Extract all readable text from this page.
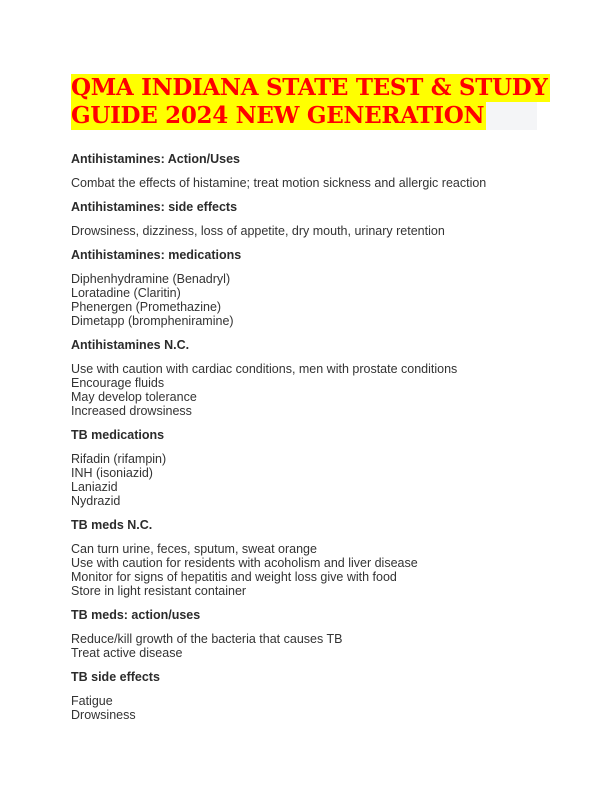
QMA INDIANA STATE TEST & STUDY
GUIDE 2024 NEW GENERATION
Antihistamines: Action/Uses
Combat the effects of histamine; treat motion sickness and allergic reaction
Antihistamines: side effects
Drowsiness, dizziness, loss of appetite, dry mouth, urinary retention
Antihistamines: medications
Diphenhydramine (Benadryl)
Loratadine (Claritin)
Phenergen (Promethazine)
Dimetapp (brompheniramine)
Antihistamines N.C.
Use with caution with cardiac conditions, men with prostate conditions
Encourage fluids
May develop tolerance
Increased drowsiness
TB medications
Rifadin (rifampin)
INH (isoniazid)
Laniazid
Nydrazid
TB meds N.C.
Can turn urine, feces, sputum, sweat orange
Use with caution for residents with acoholism and liver disease
Monitor for signs of hepatitis and weight loss give with food
Store in light resistant container
TB meds: action/uses
Reduce/kill growth of the bacteria that causes TB
Treat active disease
TB side effects
Fatigue
Drowsiness
